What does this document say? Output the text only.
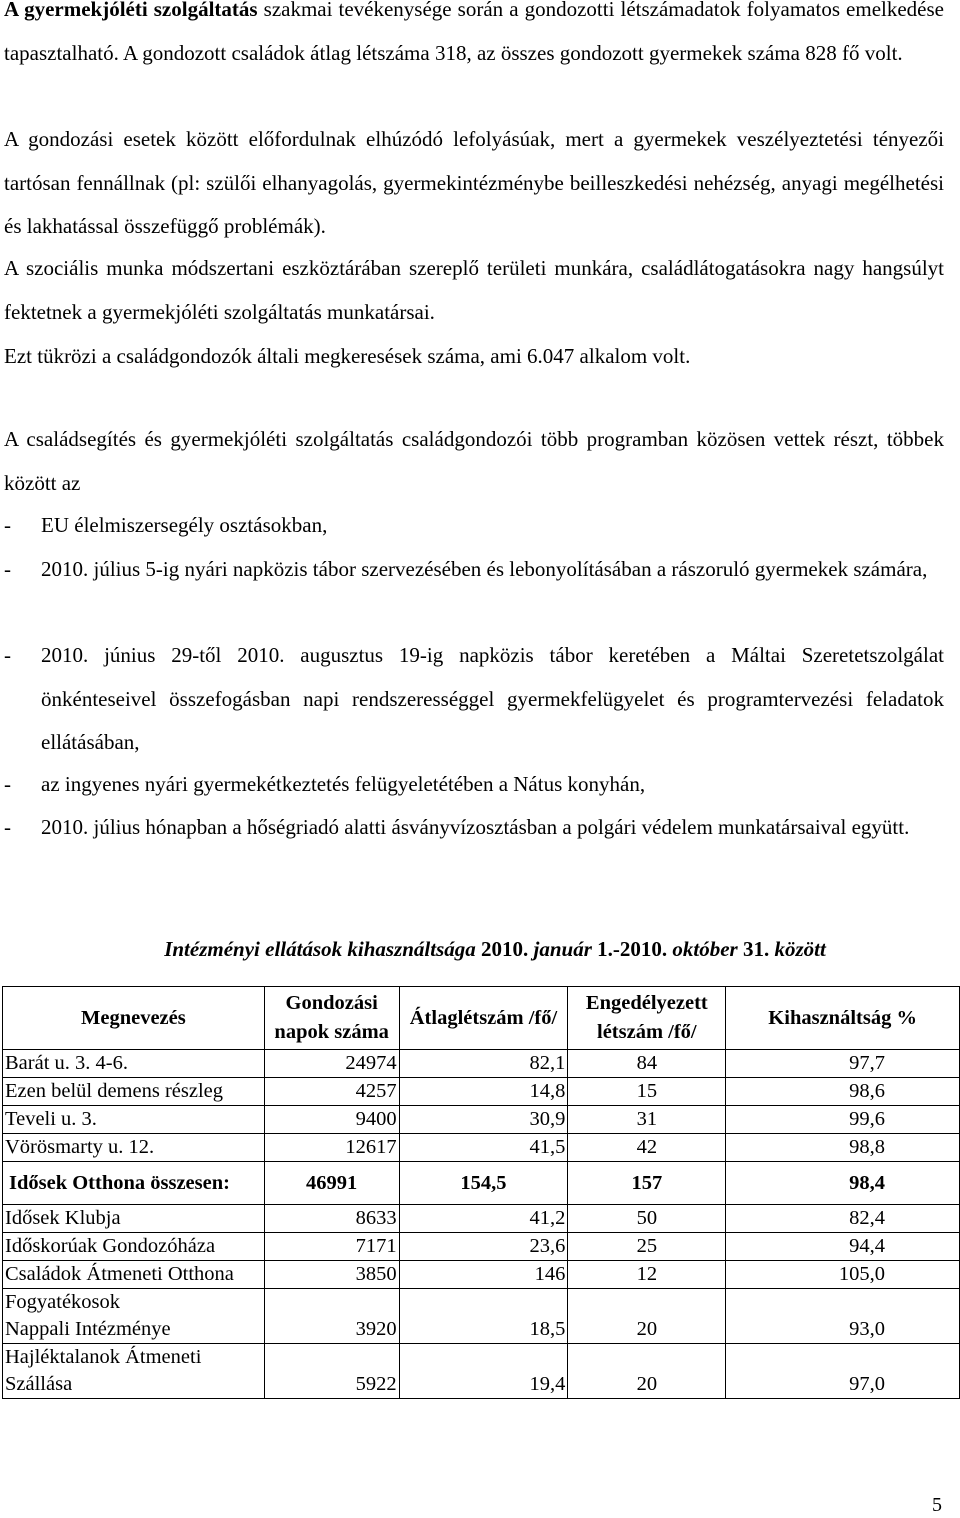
A gyermekjóléti szolgáltatás szakmai tevékenysége során a gondozotti létszámadatok folyamatos emelkedése tapasztalható. A gondozott családok átlag létszáma 318, az összes gondozott gyermekek száma 828 fő volt.

A gondozási esetek között előfordulnak elhúzódó lefolyásúak, mert a gyermekek veszélyeztetési tényezői tartósan fennállnak (pl: szülői elhanyagolás, gyermekintézménybe beilleszkedési nehézség, anyagi megélhetési és lakhatással összefüggő problémák).

A szociális munka módszertani eszköztárában szereplő területi munkára, családlátogatásokra nagy hangsúlyt fektetnek a gyermekjóléti szolgáltatás munkatársai.

Ezt tükrözi a családgondozók általi megkeresések száma, ami 6.047 alkalom volt.

A családsegítés és gyermekjóléti szolgáltatás családgondozói több programban közösen vettek részt, többek között az

- EU élelmiszersegély osztásokban,
- 2010. július 5-ig nyári napközis tábor szervezésében és lebonyolításában a rászoruló gyermekek számára,
- 2010. június 29-től 2010. augusztus 19-ig napközis tábor keretében a Máltai Szeretetszolgálat önkénteseivel összefogásban napi rendszerességgel gyermekfelügyelet és programtervezési feladatok ellátásában,
- az ingyenes nyári gyermekétkeztetés felügyeletétében a Nátus konyhán,
- 2010. július hónapban a hőségriadó alatti ásványvízosztásban a polgári védelem munkatársaival együtt.
Intézményi ellátások kihasználtsága 2010. január 1.-2010. október 31. között
Megnevezés	Gondozási napok száma	Átlaglétszám /fő/	Engedélyezett létszám /fő/	Kihasználtság %
Barát u. 3. 4-6.	24974	82,1	84	97,7
Ezen belül demens részleg	4257	14,8	15	98,6
Teveli u. 3.	9400	30,9	31	99,6
Vörösmarty u. 12.	12617	41,5	42	98,8
Idősek Otthona összesen:	46991	154,5	157	98,4
Idősek Klubja	8633	41,2	50	82,4
Időskorúak Gondozóháza	7171	23,6	25	94,4
Családok Átmeneti Otthona	3850	146	12	105,0

Fogyatékosok
Nappali Intézménye	3920	18,5	20	93,0

Hajléktalanok Átmeneti
Szállása	5922	19,4	20	97,0
5
